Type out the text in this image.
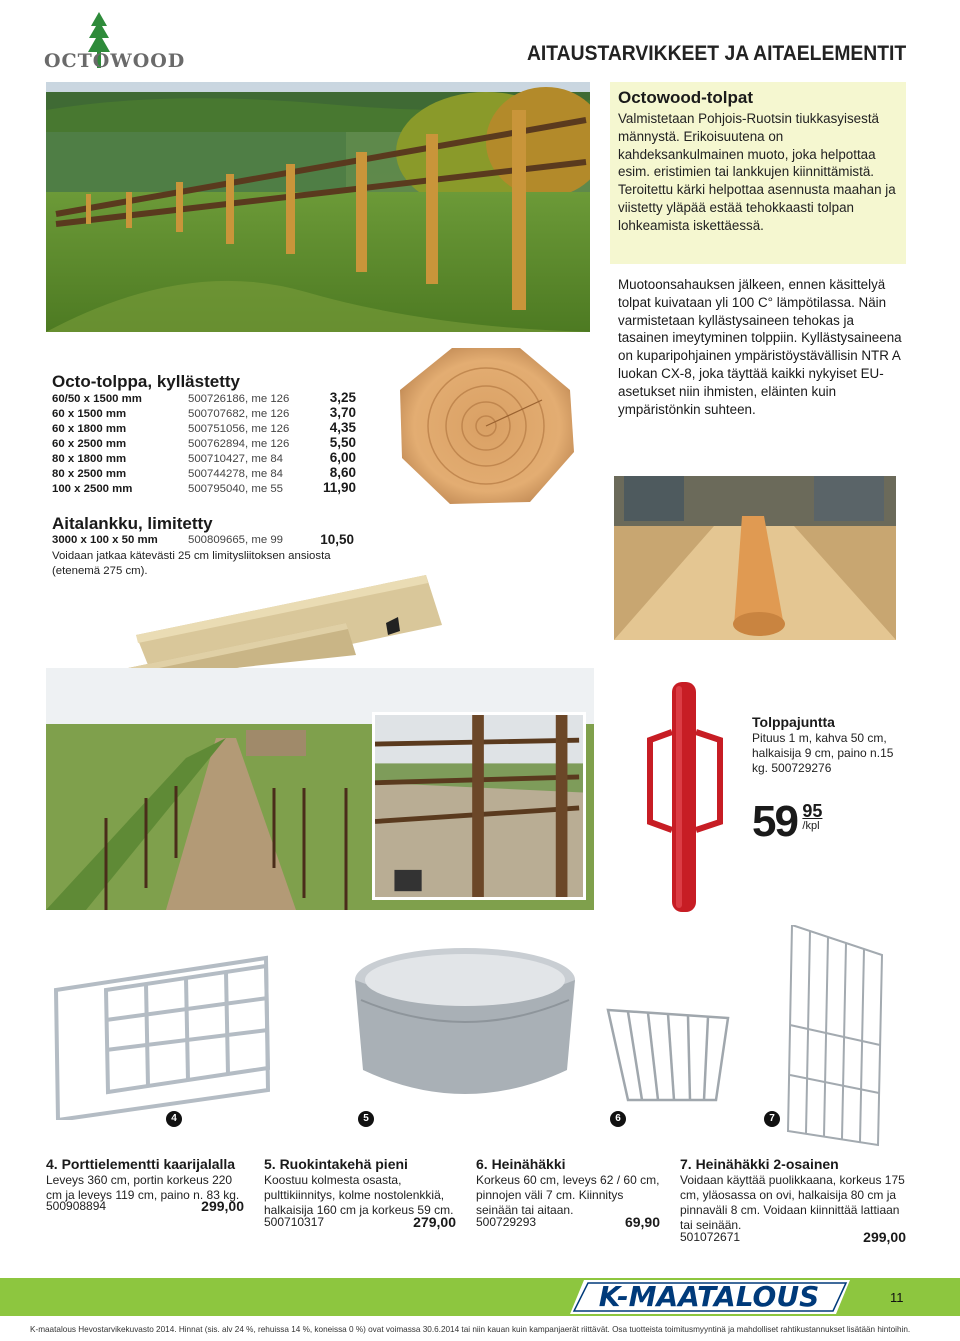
OCTOWOOD	AITAUSTARVIKKEET JA AITAELEMENTIT
Octowood-tolpat
Valmistetaan Pohjois-Ruotsin tiukkasyisestä männystä. Erikoisuutena on kahdeksankulmainen muoto, joka helpottaa esim. eristimien tai lankkujen kiinnittämistä. Teroitettu kärki helpottaa asennusta maahan ja viistetty yläpää estää tehokkaasti tolpan lohkeamista iskettäessä.
Muotoonsahauksen jälkeen, ennen käsittelyä tolpat kuivataan yli 100 C° lämpötilassa. Näin varmistetaan kyllästysaineen tehokas ja tasainen imeytyminen tolppiin. Kyllästysaineena on kuparipohjainen ympäristöystävällisin NTR A luokan CX-8, joka täyttää kaikki nykyiset EU-asetukset niin ihmisten, eläinten kuin ympäristönkin suhteen.
Octo-tolppa, kyllästetty
60/50 x 1500 mm	500726186, me 126	3,25
60 x 1500 mm	500707682, me 126	3,70
60 x 1800 mm	500751056, me 126	4,35
60 x 2500 mm	500762894, me 126	5,50
80 x 1800 mm	500710427, me 84	6,00
80 x 2500 mm	500744278, me 84	8,60
100 x 2500 mm	500795040, me 55	11,90
Aitalankku, limitetty
3000 x 100 x 50 mm	500809665, me 99	10,50
Voidaan jatkaa kätevästi 25 cm limitysliitoksen ansiosta (etenemä 275 cm).
Tolppajuntta
Pituus 1 m, kahva 50 cm, halkaisija 9 cm, paino n.15 kg. 500729276
59 95
/kpl
4	5	6	7
4. Porttielementti kaarijalalla
Leveys 360 cm, portin korkeus 220 cm ja leveys 119 cm, paino n. 83 kg.
500908894	299,00
5. Ruokintakehä pieni
Koostuu kolmesta osasta, pulttikiinnitys, kolme nostolenkkiä, halkaisija 160 cm ja korkeus 59 cm.
500710317	279,00
6. Heinähäkki
Korkeus 60 cm, leveys 62 / 60 cm, pinnojen väli 7 cm. Kiinnitys seinään tai aitaan.
500729293	69,90
7. Heinähäkki 2-osainen
Voidaan käyttää puolikkaana, korkeus 175 cm, yläosassa on ovi, halkaisija 80 cm ja pinnaväli 8 cm. Voidaan kiinnittää lattiaan tai seinään.
501072671	299,00
K-MAATALOUS	11
K-maatalous Hevostarvikekuvasto 2014. Hinnat (sis. alv 24 %, rehuissa 14 %, koneissa 0 %) ovat voimassa 30.6.2014 tai niin kauan kuin kampanjaerät riittävät. Osa tuotteista toimitusmyyntinä ja mahdolliset rahtikustannukset lisätään hintoihin.
